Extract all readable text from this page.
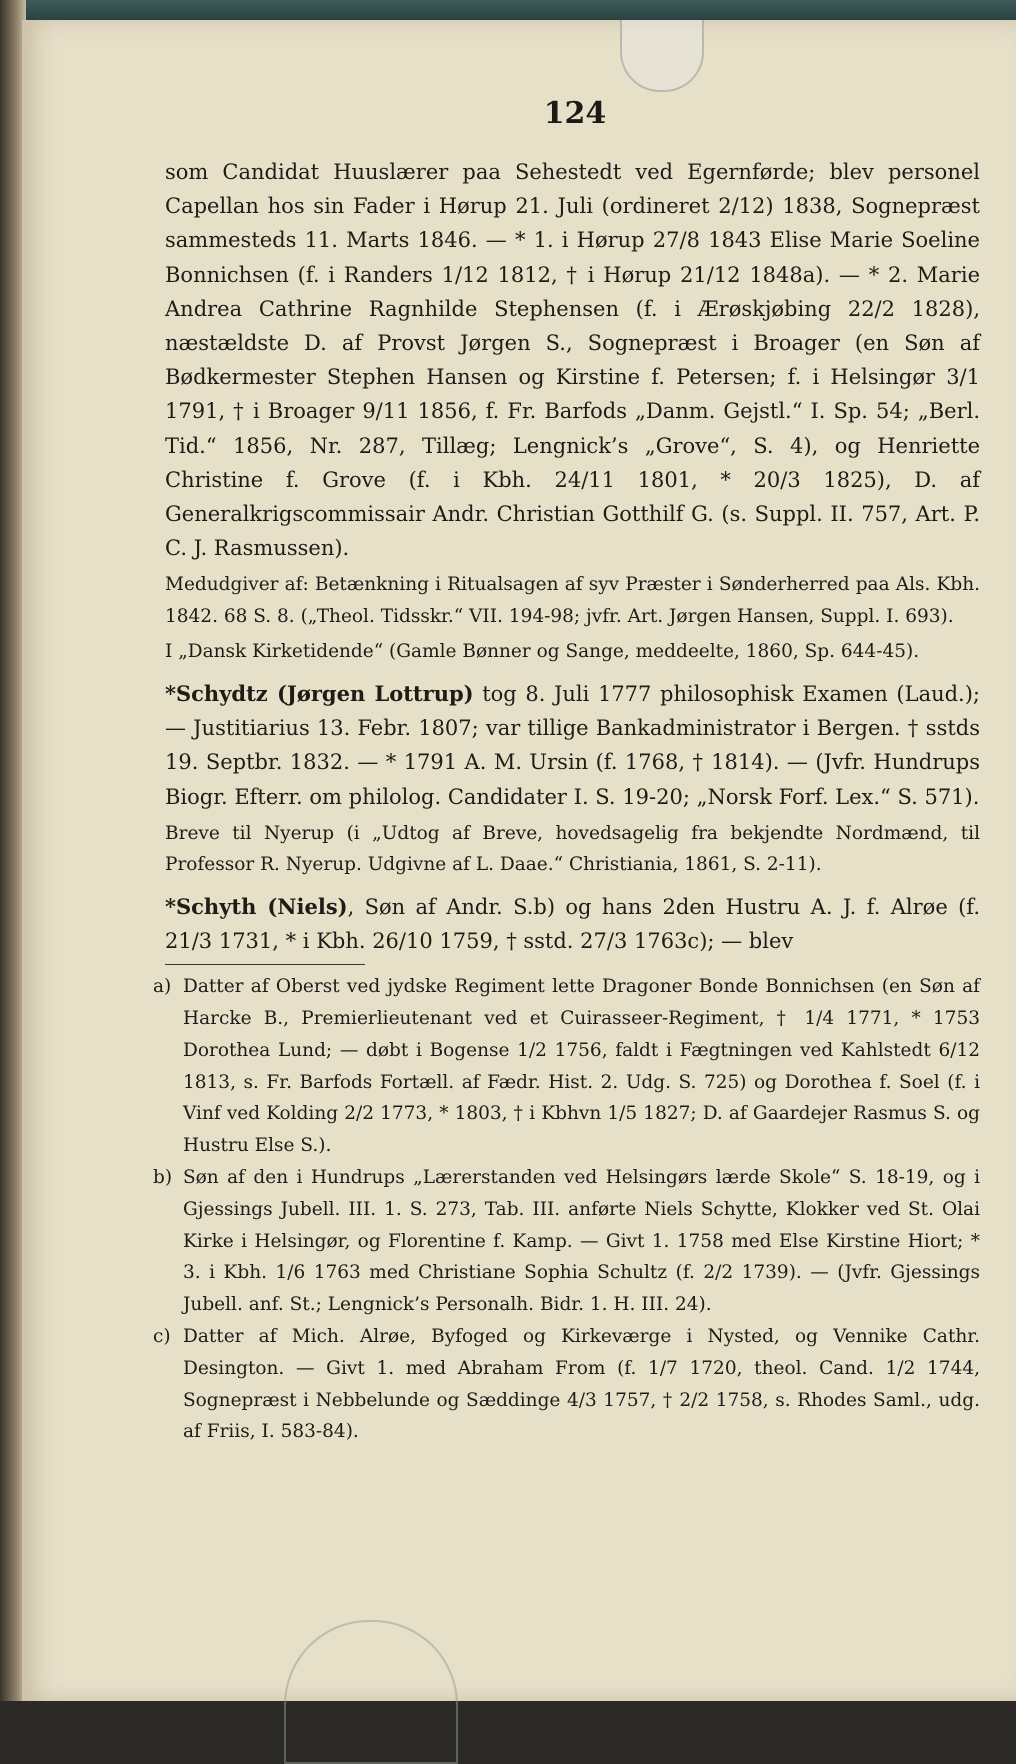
124

som Candidat Huuslærer paa Sehestedt ved Egernførde; blev personel Capellan hos sin Fader i Hørup 21. Juli (ordineret 2/12) 1838, Sognepræst sammesteds 11. Marts 1846. — * 1. i Hørup 27/8 1843 Elise Marie Soeline Bonnichsen (f. i Randers 1/12 1812, † i Hørup 21/12 1848a). — * 2. Marie Andrea Cathrine Ragnhilde Stephensen (f. i Ærøskjøbing 22/2 1828), næstældste D. af Provst Jørgen S., Sognepræst i Broager (en Søn af Bødkermester Stephen Hansen og Kirstine f. Petersen; f. i Helsingør 3/1 1791, † i Broager 9/11 1856, f. Fr. Barfods „Danm. Gejstl.“ I. Sp. 54; „Berl. Tid.“ 1856, Nr. 287, Tillæg; Lengnick’s „Grove“, S. 4), og Henriette Christine f. Grove (f. i Kbh. 24/11 1801, * 20/3 1825), D. af Generalkrigscommissair Andr. Christian Gotthilf G. (s. Suppl. II. 757, Art. P. C. J. Rasmussen).

Medudgiver af: Betænkning i Ritualsagen af syv Præster i Sønderherred paa Als. Kbh. 1842. 68 S. 8. („Theol. Tidsskr.“ VII. 194-98; jvfr. Art. Jørgen Hansen, Suppl. I. 693).

I „Dansk Kirketidende“ (Gamle Bønner og Sange, meddeelte, 1860, Sp. 644-45).

*Schydtz (Jørgen Lottrup) tog 8. Juli 1777 philosophisk Examen (Laud.); — Justitiarius 13. Febr. 1807; var tillige Bankadministrator i Bergen. † sstds 19. Septbr. 1832. — * 1791 A. M. Ursin (f. 1768, † 1814). — (Jvfr. Hundrups Biogr. Efterr. om philolog. Candidater I. S. 19-20; „Norsk Forf. Lex.“ S. 571).

Breve til Nyerup (i „Udtog af Breve, hovedsagelig fra bekjendte Nordmænd, til Professor R. Nyerup. Udgivne af L. Daae.“ Christiania, 1861, S. 2-11).

*Schyth (Niels), Søn af Andr. S.b) og hans 2den Hustru A. J. f. Alrøe (f. 21/3 1731, * i Kbh. 26/10 1759, † sstd. 27/3 1763c); — blev

a) Datter af Oberst ved jydske Regiment lette Dragoner Bonde Bonnichsen (en Søn af Harcke B., Premierlieutenant ved et Cuirasseer-Regiment, † 1/4 1771, * 1753 Dorothea Lund; — døbt i Bogense 1/2 1756, faldt i Fægtningen ved Kahlstedt 6/12 1813, s. Fr. Barfods Fortæll. af Fædr. Hist. 2. Udg. S. 725) og Dorothea f. Soel (f. i Vinf ved Kolding 2/2 1773, * 1803, † i Kbhvn 1/5 1827; D. af Gaardejer Rasmus S. og Hustru Else S.).
b) Søn af den i Hundrups „Lærerstanden ved Helsingørs lærde Skole“ S. 18-19, og i Gjessings Jubell. III. 1. S. 273, Tab. III. anførte Niels Schytte, Klokker ved St. Olai Kirke i Helsingør, og Florentine f. Kamp. — Givt 1. 1758 med Else Kirstine Hiort; * 3. i Kbh. 1/6 1763 med Christiane Sophia Schultz (f. 2/2 1739). — (Jvfr. Gjessings Jubell. anf. St.; Lengnick’s Personalh. Bidr. 1. H. III. 24).
c) Datter af Mich. Alrøe, Byfoged og Kirkeværge i Nysted, og Vennike Cathr. Desington. — Givt 1. med Abraham From (f. 1/7 1720, theol. Cand. 1/2 1744, Sognepræst i Nebbelunde og Sæddinge 4/3 1757, † 2/2 1758, s. Rhodes Saml., udg. af Friis, I. 583-84).
